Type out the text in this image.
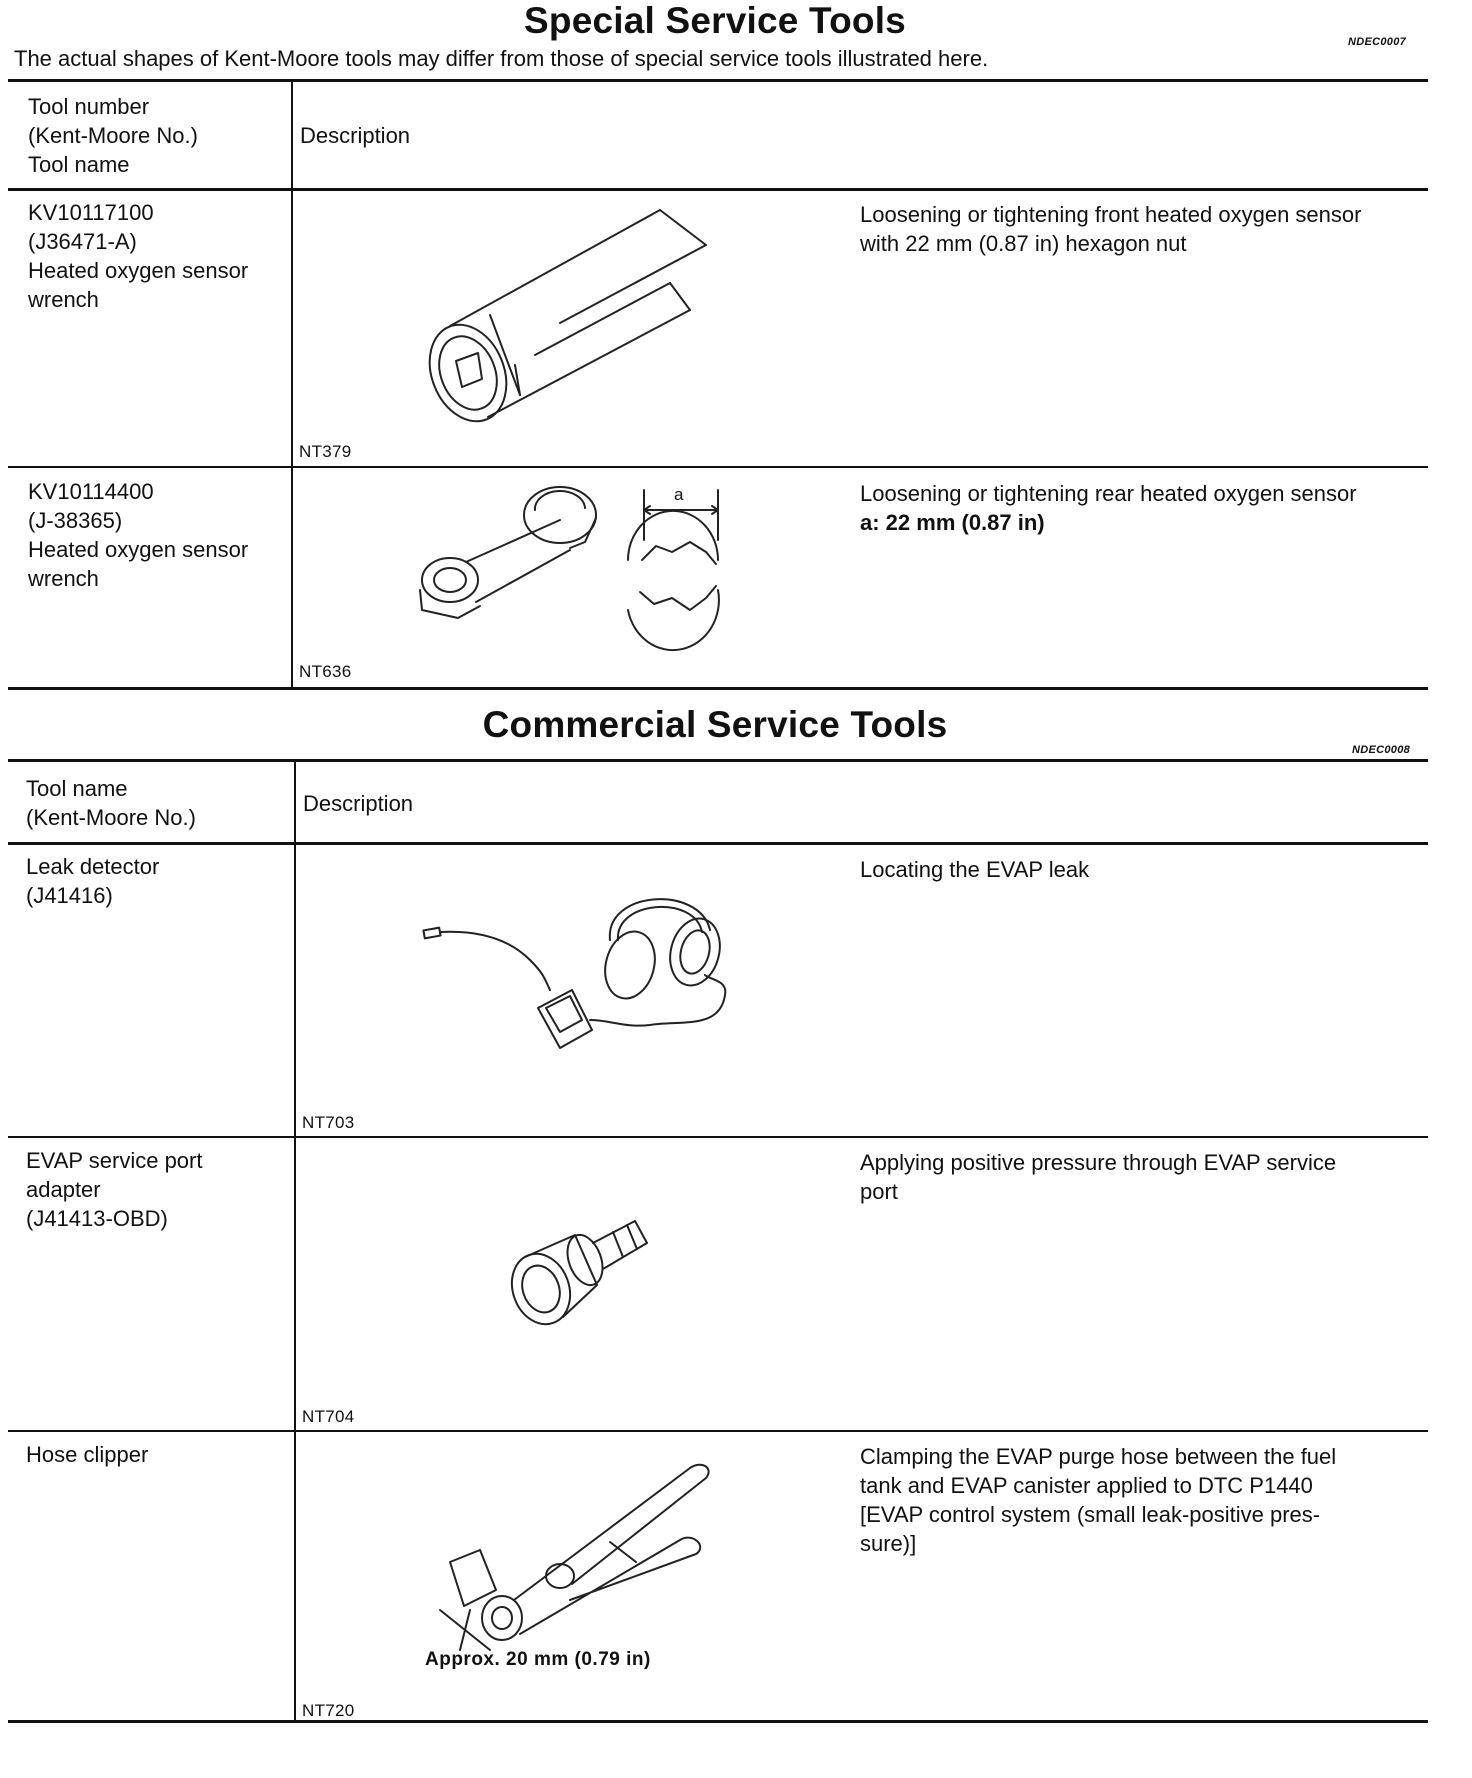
Special Service Tools
NDEC0007
The actual shapes of Kent-Moore tools may differ from those of special service tools illustrated here.
Tool number
(Kent-Moore No.)
Tool name
Description
KV10117100
(J36471-A)
Heated oxygen sensor
wrench
NT379
Loosening or tightening front heated oxygen sensor
with 22 mm (0.87 in) hexagon nut
KV10114400
(J-38365)
Heated oxygen sensor
wrench
a
NT636
Loosening or tightening rear heated oxygen sensor
a: 22 mm (0.87 in)
Commercial Service Tools
NDEC0008
Tool name
(Kent-Moore No.)
Description
Leak detector
(J41416)
NT703
Locating the EVAP leak
EVAP service port
adapter
(J41413-OBD)
NT704
Applying positive pressure through EVAP service
port
Hose clipper
Approx. 20 mm (0.79 in)
NT720
Clamping the EVAP purge hose between the fuel
tank and EVAP canister applied to DTC P1440
[EVAP control system (small leak-positive pres-
sure)]
